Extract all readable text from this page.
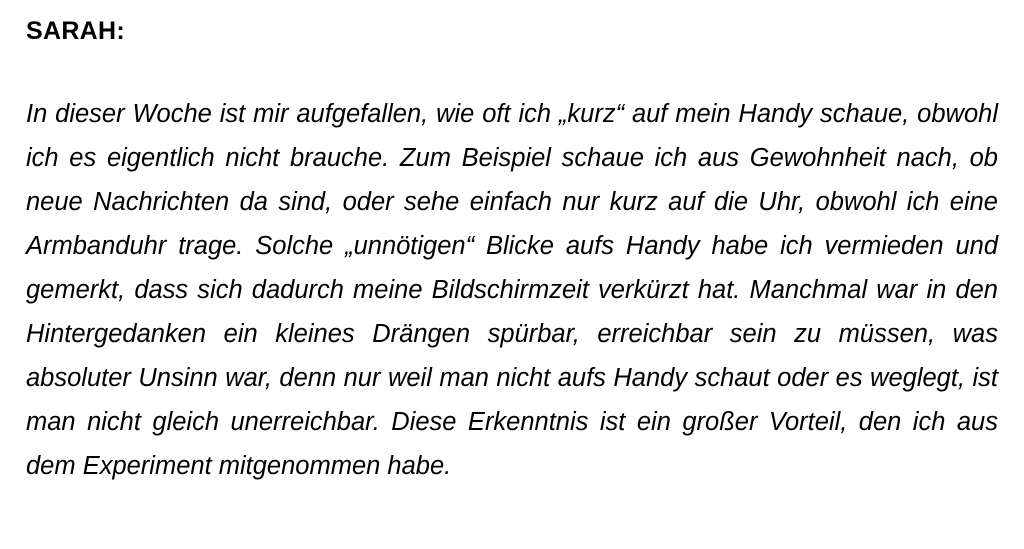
SARAH:
In dieser Woche ist mir aufgefallen, wie oft ich „kurz“ auf mein Handy schaue, obwohl ich es eigentlich nicht brauche. Zum Beispiel schaue ich aus Gewohnheit nach, ob neue Nachrichten da sind, oder sehe einfach nur kurz auf die Uhr, obwohl ich eine Armbanduhr trage. Solche „unnötigen“ Blicke aufs Handy habe ich vermieden und gemerkt, dass sich dadurch meine Bildschirmzeit verkürzt hat. Manchmal war in den Hintergedanken ein kleines Drängen spürbar, erreichbar sein zu müssen, was absoluter Unsinn war, denn nur weil man nicht aufs Handy schaut oder es weglegt, ist man nicht gleich unerreichbar. Diese Erkenntnis ist ein großer Vorteil, den ich aus dem Experiment mitgenommen habe.
